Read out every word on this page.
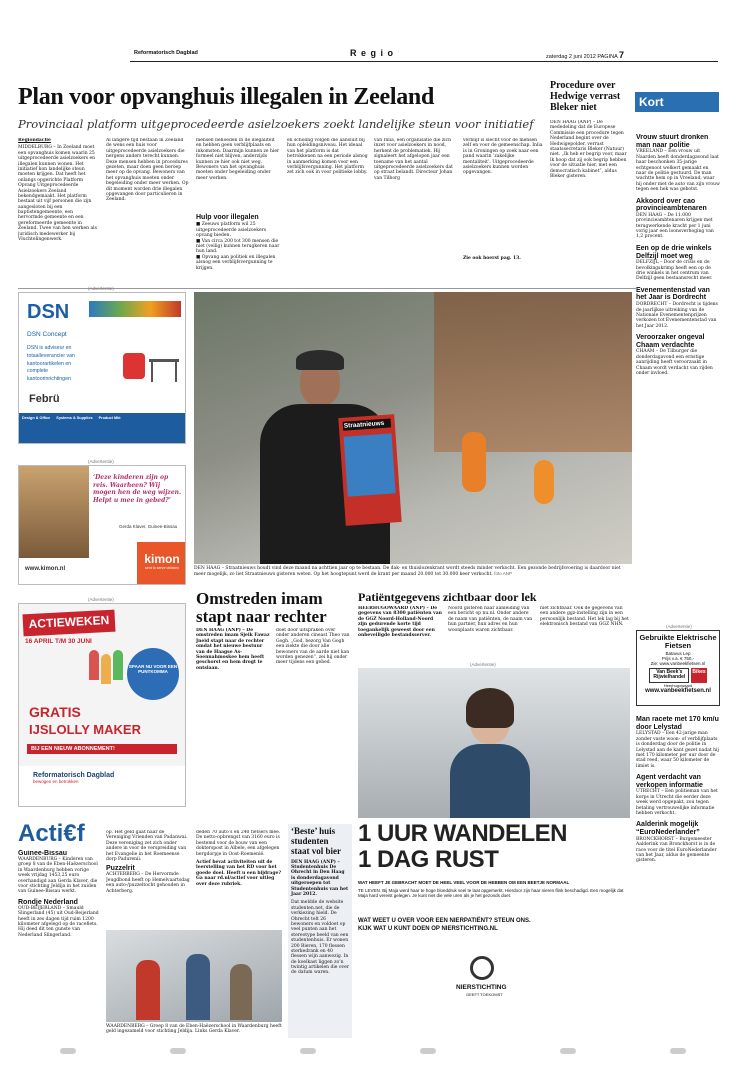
Reformatorisch Dagblad	R e g i o	zaterdag 2 juni 2012 PAGINA 7
Plan voor opvanghuis illegalen in Zeeland
Provinciaal platform uitgeprocedeerde asielzoekers zoekt landelijke steun voor initiatief
Regiondaclie
MIDDELBURG – In Zeeland moet een opvanghuis komen waarin 25 uitgeprocedeerde asielzoekers en illegalen kunnen wonen. Het initiatief kon landelijke steun moeten krijgen. Dat heeft het onlangs opgerichte Platform Opvang Uitgeprocedeerde Asielzoekers Zeeland bekendgemaakt. Het platform bestaat uit vijf personen die zijn aangesloten bij een baptistengemeente, een hervormde gemeente en een gereformeerde gemeente in Zeeland. Twee van hen werken als juridisch medewerker bij Vluchtelingenwerk.
Al langere tijd bestaan in Zeeland de wens een huis voor uitgeprocedeerde asielzoekers die nergens anders terecht kunnen. Deze mensen hebben in procedures gezeten, maar doen geen beroep meer op de opvang. Bewoners van het opvanghuis moeten onder begeleiding onder meer werken. Op dit moment worden drie illegalen opgevangen door particulieren in Zeeland.
mensen behoeden in de illegaliteit en hebben geen verblijfplaats en inkomsten. Daarmijn kunnen ze hier formeel niet blijven, anderzijds kunnen ze hier ook niet weg. Bewoners van het opvanghuis moeten onder begeleiding onder meer werken.
Hulp voor illegalen
■ Zeeuws platform wil 25 uitgeprocedeerde asielzoekers opvang bieden.
■ Van circa 200 tot 300 mensen die niet (veilig) kunnen terugkeren naar hun land.
■ Opvang aan politiek en illegalen alsnog een verblijfsvergunning te krijgen.
en scholing volgen die aansluit bij hun opleidingsniveau. Het ideaal van het platform is dat betrokkenen na een periode alsnog in aanmerking komen voor een verblijfsvergunning. Het platform zet zich ook in voor politieke lobby.
van Inlia, een organisatie die zich inzet voor asielzoekers in nood, herkent de problematiek. Hij signaleert het afgelopen jaar een toename van het aantal uitgeprocedeerde asielzoekers dat op straat belandt. Directeur Johan van Tilborg
verblijf is slecht voor de mensen zelf en voor de gemeenschap. Inlia is in Groningen op zoek naar een pand waarin ‘zakelijke mentaliteit’. Uitgeprocedeerde asielzoekers kunnen worden opgevangen.
Zie ook boerst pag. 13.
Procedure over Hedwige verrast Bleker niet
DEN HAAG (ANP) – De mededeling dat de Europese Commissie een procedure tegen Nederland begint over de Hedwigepolder, verrast staatssecretaris Bleker (Natuur) niet. „Ik heb er begrip voor, maar ik hoop dat zij ook begrip hebben voor de situatie hier, met een democratisch kabinet”, aldus Bleker gisteren.
Kort
Vrouw stuurt dronken man ​naar politie
VREELAND – Een vrouw uit Naarden heeft donderdagavond laat haar beschonken 35-jarige echtgenoot welkert gemaakt en naar de politie gestuurd. De man wachtte hem op in Vreeland, waar hij onder met de auto van zijn vrouw tegen een hek was gebotst.
Akkoord over cao provincieambtenaren
DEN HAAG – De 11.000 provincieambtenaren krijgen met terugwerkende kracht per 1 juni vorig jaar een loonsverhoging van 1,2 procent.
Een op de drie winkels Delfzijl moet weg
DELFZIJL – Door de crisis en de bevolkingskrimp heeft een op de drie winkels in het centrum van Delfzijl geen bestaansrecht meer.
Evenementenstad van het Jaar is Dordrecht
DORDRECHT – Dordrecht is tijdens de jaarlijkse uitreiking van de Nationale Evenementenprijzen verkozen tot Evenementenstad van het Jaar 2012.
Veroorzaker ongeval Chaam verdachte
CHAAM – De Tilburger die donderdagavond een ernstige aanrijding heeft veroorzaakt in Chaam wordt verdacht van rijden onder invloed.
(Advertentie)
DSN
DSN Concept
DSN is adviseur en totaalleverancier van kantoorartikelen en complete kantoorinrichtingen
Febrü
Design & Office Systems & Supplies Product Mkt
(Advertentie)
‘Deze kinderen zijn op reis. Waarheen? Wij mogen hen de weg wijzen. Helpt u mee in gebed?’
Gerda Klaver, Guinee-Bissau
www.kimon.nl
kimon
sent to serve children
Straatnieuws
DEN HAAG – Straatnieuws houdt vind deze maand na achttien jaar op te bestaan. De dak- en thuislozenkrant wordt steeds minder verkocht. Een gezonde bedrijfsvoering is daardoor niet meer mogelijk, zo liet Straatnieuws gisteren weten. Op het hoogtepunt werd de krant per maand 20.000 tot 30.000 keer verkocht. foto ANP
(Advertentie)
ACTIEWEKEN
16 APRIL T/M 30 JUNI
GRATIS
IJSLOLLY MAKER
BIJ EEN NIEUW ABONNEMENT!
SPAAR NU VOOR EEN PUNTKOMMA
Reformatorisch Dagblad
bewogen en betrokken
Omstreden imam stapt naar rechter
DEN HAAG (ANP) – De omstreden imam Sjeik Fawaz Jneid stapt naar de rechter omdat het nieuwe bestuur van de Haagse As-Soennahmoskee hem heeft geschorst en hem drogt te ontslaan.
doet door uitspraken over onder anderen cineast Theo van Gogh. „God, bezorg Van Gogh een ziekte die door alle bewoners van de aarde niet kan worden genezen”, zei hij onder meer tijdens een gebed.
Patiëntgegevens zichtbaar door lek
HEERHUGOWAARD (ANP) – De gegevens van 8300 patiënten van de GGZ Noord-Holland-Noord zijn gedurende korte tijd toegankelijk geweest door een onbeveiligde bestandsserver.
Noord gisteren naar aanleiding van een bericht op nu.nl. Onder andere de naam van patiënten, de naam van hun partner, hun adres en hun woonplaats waren zichtbaar.
niet zichtbaar. Ook de gegevens van een andere ggz-instelling zijn in een persoonlijk bestand. Het lek lag bij het elektronisch bestand van GGZ NHN.	(Advertentie)
Gebruikte Elektrische Fietsen
Batavus Lep
Prijs v.a. € 750,-
Zie: www.vanbeekfietsen.nl
Van Beek’s Rijwielhandel
Bikes
Heerhugowaard
www.vanbeekfietsen.nl
Man racete met 170 km/u door Lelystad
LELYSTAD – Een 42-jarige man zonder vaste woon- of verblijfplaats is donderdag door de politie in Lelystad aan de kant gezet nadat hij met 170 kilometer per uur door de stad reed, waar 50 kilometer de limiet is.
Agent verdacht van verkopen informatie
UTRECHT – Een politieman van het korps in Utrecht die eerder deze week werd opgepakt, zou tegen betaling vertrouwelijke informatie hebben verkocht.
Aalderink mogelijk “EuroNederlander”
BRONCKHORST – Burgemeester Aalderink van Bronckhorst is in de race voor de titel EuroNederlander van het Jaar, aldus de gemeente gisteren.
(Advertentie)
1 UUR WANDELEN
1 DAG RUST
WAT HEEFT JE GEBRACHT MOET DE HEEL VEEL VOOR DE HEBBEN OM EEN BEETJE NORMAAL
TE LEVEN. Bij Maja werd haar te hoge bloeddruk veel te laat opgemerkt. Hierdoor zijn haar nieren flink beschadigd. Een mogelijk dat Maja hard vereist gelegen. Je kunt niet die vele uren als je het gezonds doet.
WAT WEET U OVER VOOR EEN NIERPATIËNT? STEUN ONS.
KIJK WAT U KUNT DOEN OP NIERSTICHTING.NL
NIERSTICHTING
GEEFT TOEKOMST
Acti€f
Guinee-Bissau
WAARDENBURG – Kinderen van groep 8 van de Eben-Haëzerschool in Waardenburg hebben vorige week vrijdag 1453,25 euro overhandigd aan Gerda Klaver, die voor stichting Jeldija in het zuiden van Guinee-Bissau werkt.
Rondje Nederland
OUD-BEIJERLAND – Smauld Slingerland (45) uit Oud-Beijerland heeft in zes dagen tijd ruim 1200 kilometer afgelegd op de racefiets. Hij deed dit ten gunste van Nederland Slingerland.
op. Het geld gaat naar de Vereniging Vrienden van Padanwai. Deze vereniging zet zich onder andere in voor de verspreiding van het Evangelie in het Roemeense dorp Padurenii.
Puzzelrit
ACHTERBERG – De Hervormde Jeugdbond heeft op Hemelvaartsdag een auto-/puzzeltocht gehouden in Achterberg.
deden 70 auto’s en 240 fietsers mee. De netto-opbrengst van 3160 euro is bestemd voor de bouw van een dokterspost in Albele, een afgelegen bergdorpje in Oost-Roemenië.
Actief bevat activiteiten uit de leerstelling van het RD voor het goede doel. Heeft u een bijdrage? Ga naar rd.nl/actief voor uitleg over deze rubriek.
WAARDENBERG – Groep 8 van de Eben-Haëzerschool in Waardenburg heeft geld ingezameld voor stichting Jeldija. Links Gerda Klaver.
‘Beste’ huis studenten staat vol bier
DEN HAAG (ANP) – Studentenhuis De Ohrecht in Den Haag is donderdagavond uitgeroepen tot Studentenhuis van het Jaar 2012.
Dat meldde de website studenten.net, die de verkiezing hield. De Ohrecht telt 26 bewoners en voldoet op veel punten aan het stereotype beeld van een studentenhuis. Er wonen 200 Bieren, 170 flessen sterkedrank en 40 flessen wijn aanwezig. In de koelkast liggen zo’n twintig artikelen die over de datum waren.
